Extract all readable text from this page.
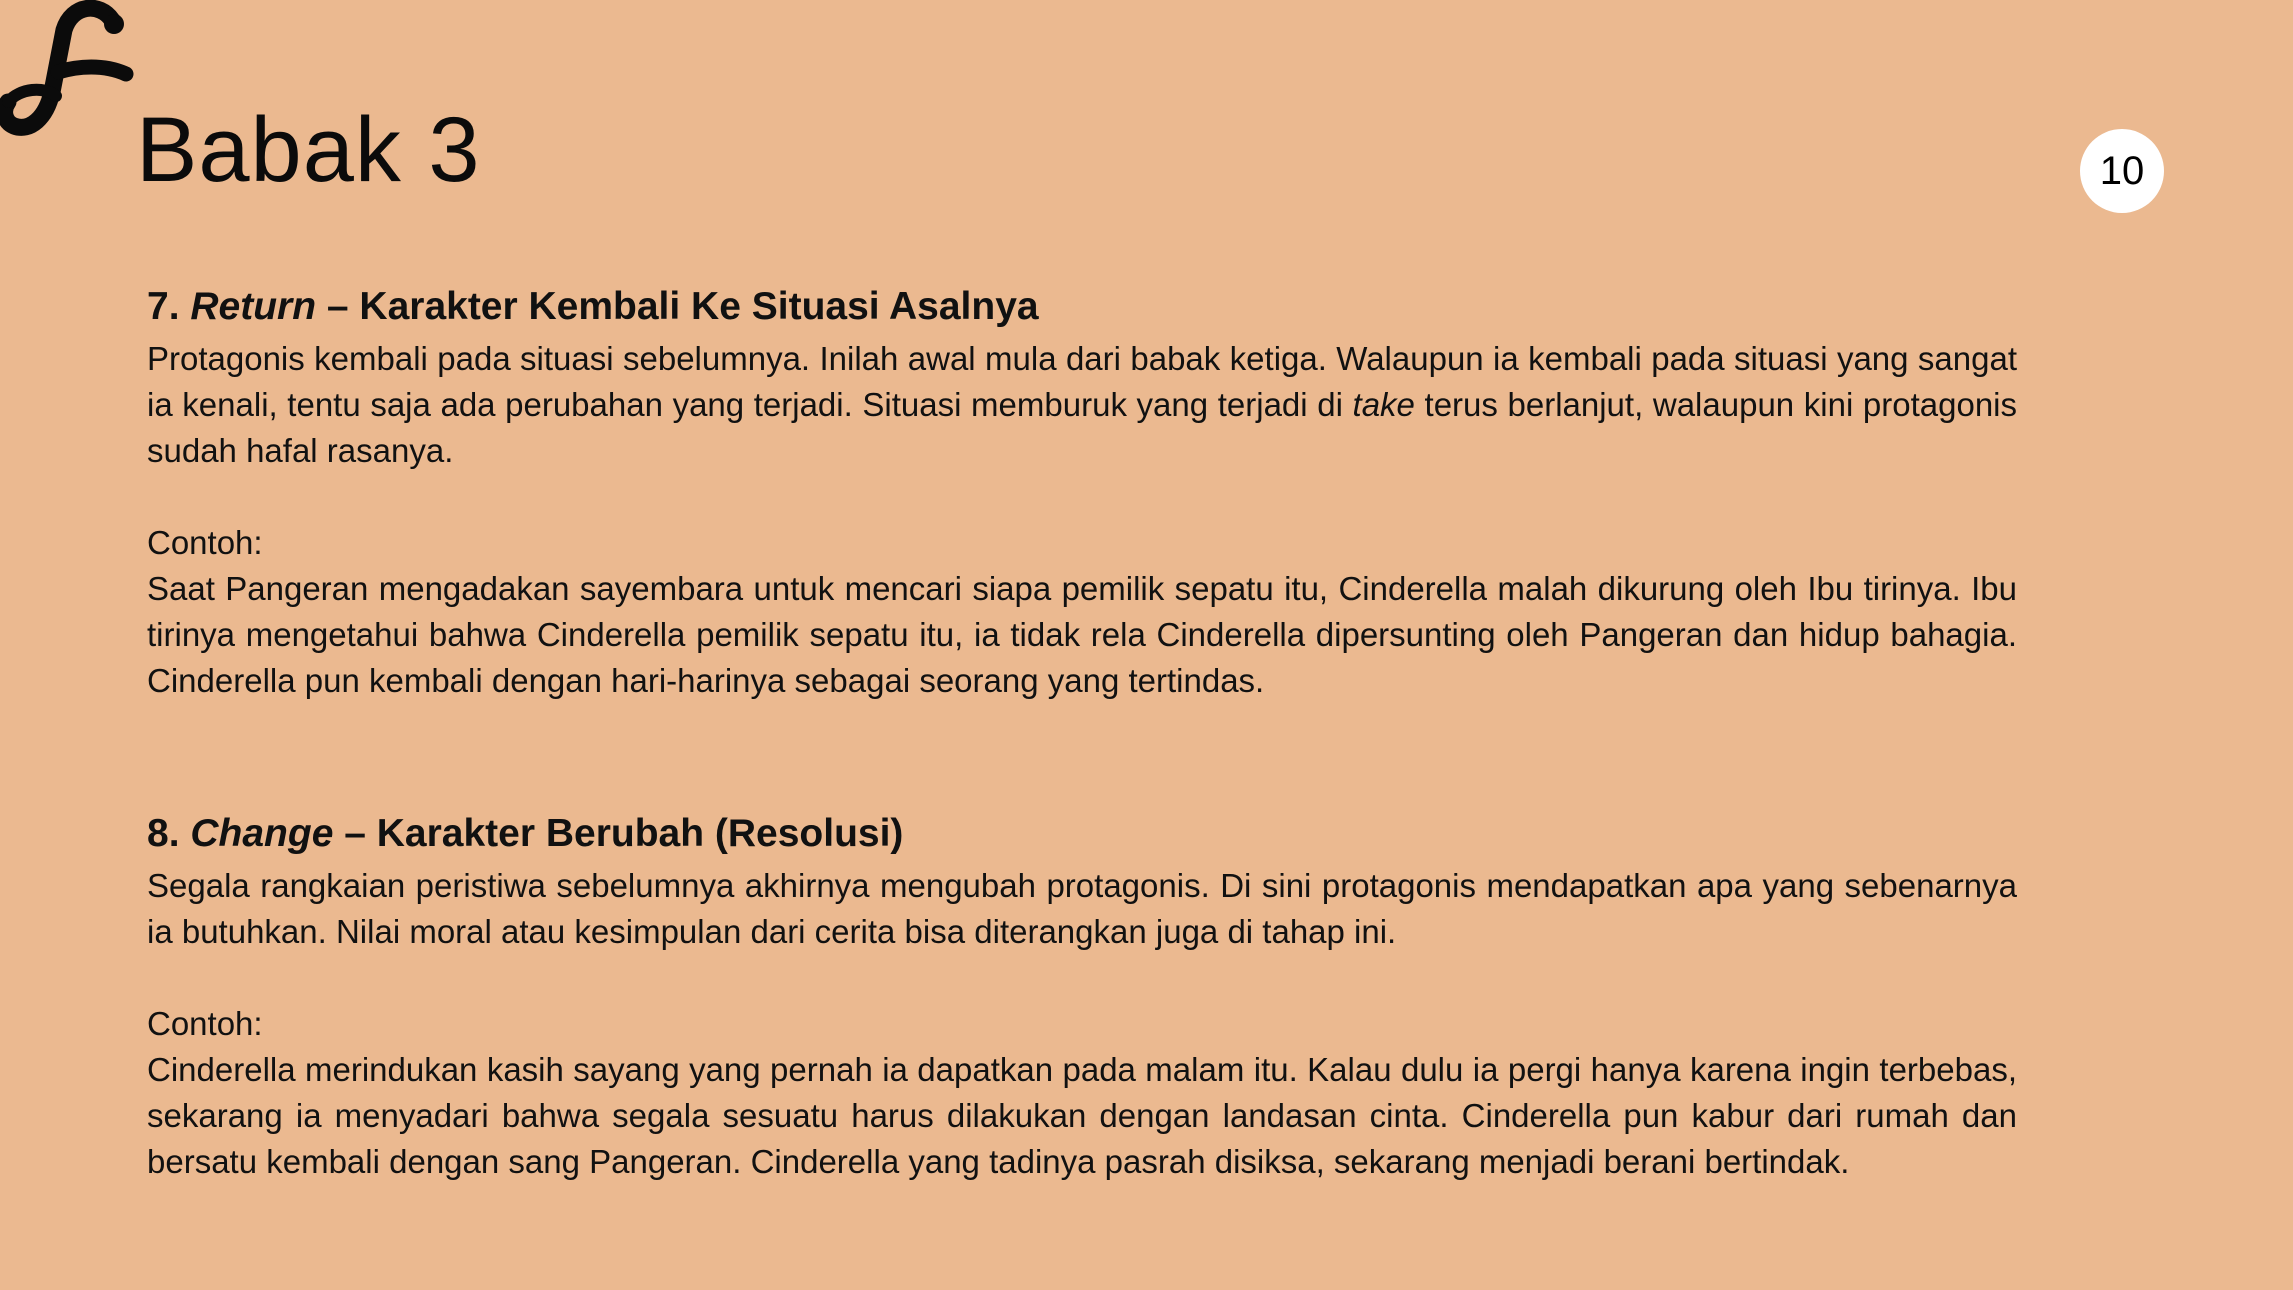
Babak 3	10
7. Return – Karakter Kembali Ke Situasi Asalnya

Protagonis kembali pada situasi sebelumnya. Inilah awal mula dari babak ketiga. Walaupun ia kembali pada situasi yang sangat ia kenali, tentu saja ada perubahan yang terjadi. Situasi memburuk yang terjadi di take terus berlanjut, walaupun kini protagonis sudah hafal rasanya.

Contoh:

Saat Pangeran mengadakan sayembara untuk mencari siapa pemilik sepatu itu, Cinderella malah dikurung oleh Ibu tirinya. Ibu tirinya mengetahui bahwa Cinderella pemilik sepatu itu, ia tidak rela Cinderella dipersunting oleh Pangeran dan hidup bahagia. Cinderella pun kembali dengan hari-harinya sebagai seorang yang tertindas.

8. Change – Karakter Berubah (Resolusi)

Segala rangkaian peristiwa sebelumnya akhirnya mengubah protagonis. Di sini protagonis mendapatkan apa yang sebenarnya ia butuhkan. Nilai moral atau kesimpulan dari cerita bisa diterangkan juga di tahap ini.

Contoh:

Cinderella merindukan kasih sayang yang pernah ia dapatkan pada malam itu. Kalau dulu ia pergi hanya karena ingin terbebas, sekarang ia menyadari bahwa segala sesuatu harus dilakukan dengan landasan cinta. Cinderella pun kabur dari rumah dan bersatu kembali dengan sang Pangeran. Cinderella yang tadinya pasrah disiksa, sekarang menjadi berani bertindak.
